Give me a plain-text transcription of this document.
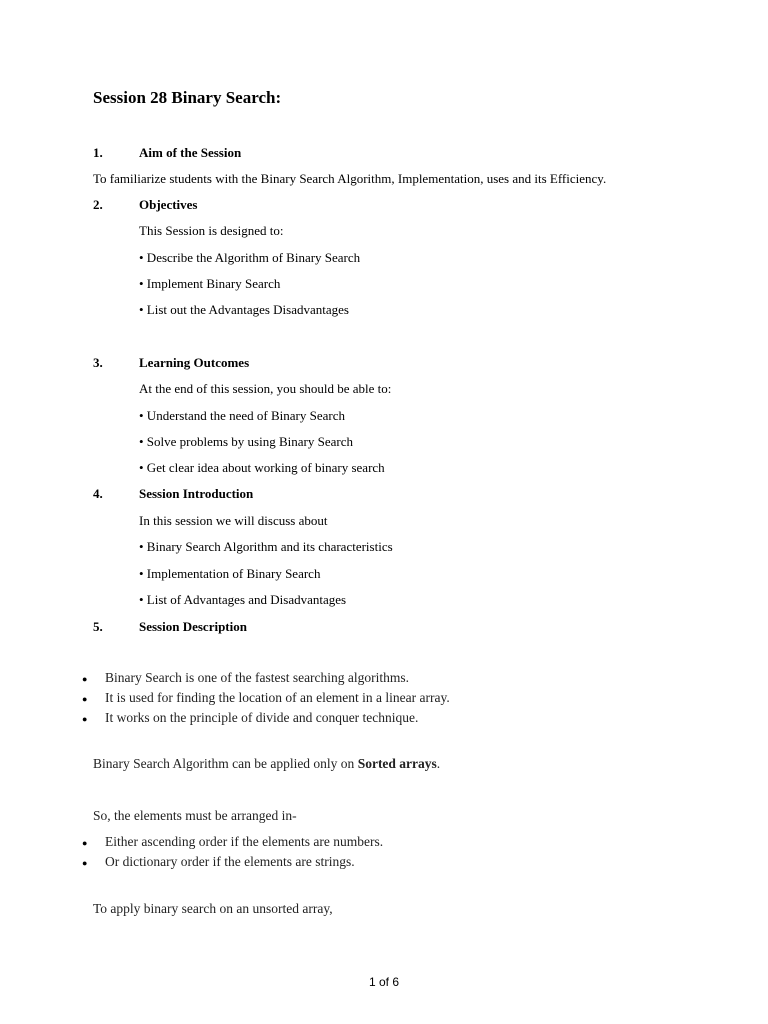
Session 28 Binary Search:
1.	Aim of the Session
To familiarize students with the Binary Search Algorithm, Implementation, uses and its Efficiency.
2.	Objectives
This Session is designed to:
• Describe the Algorithm of Binary Search
• Implement Binary Search
• List out the Advantages Disadvantages
3.	Learning Outcomes
At the end of this session, you should be able to:
• Understand the need of Binary Search
• Solve problems by using Binary Search
• Get clear idea about working of binary search
4.	Session Introduction
In this session we will discuss about
• Binary Search Algorithm and its characteristics
• Implementation of Binary Search
• List of Advantages and Disadvantages
5.	Session Description
● Binary Search is one of the fastest searching algorithms.
● It is used for finding the location of an element in a linear array.
● It works on the principle of divide and conquer technique.
Binary Search Algorithm can be applied only on Sorted arrays.
So, the elements must be arranged in-
● Either ascending order if the elements are numbers.
● Or dictionary order if the elements are strings.
To apply binary search on an unsorted array,
1 of 6
